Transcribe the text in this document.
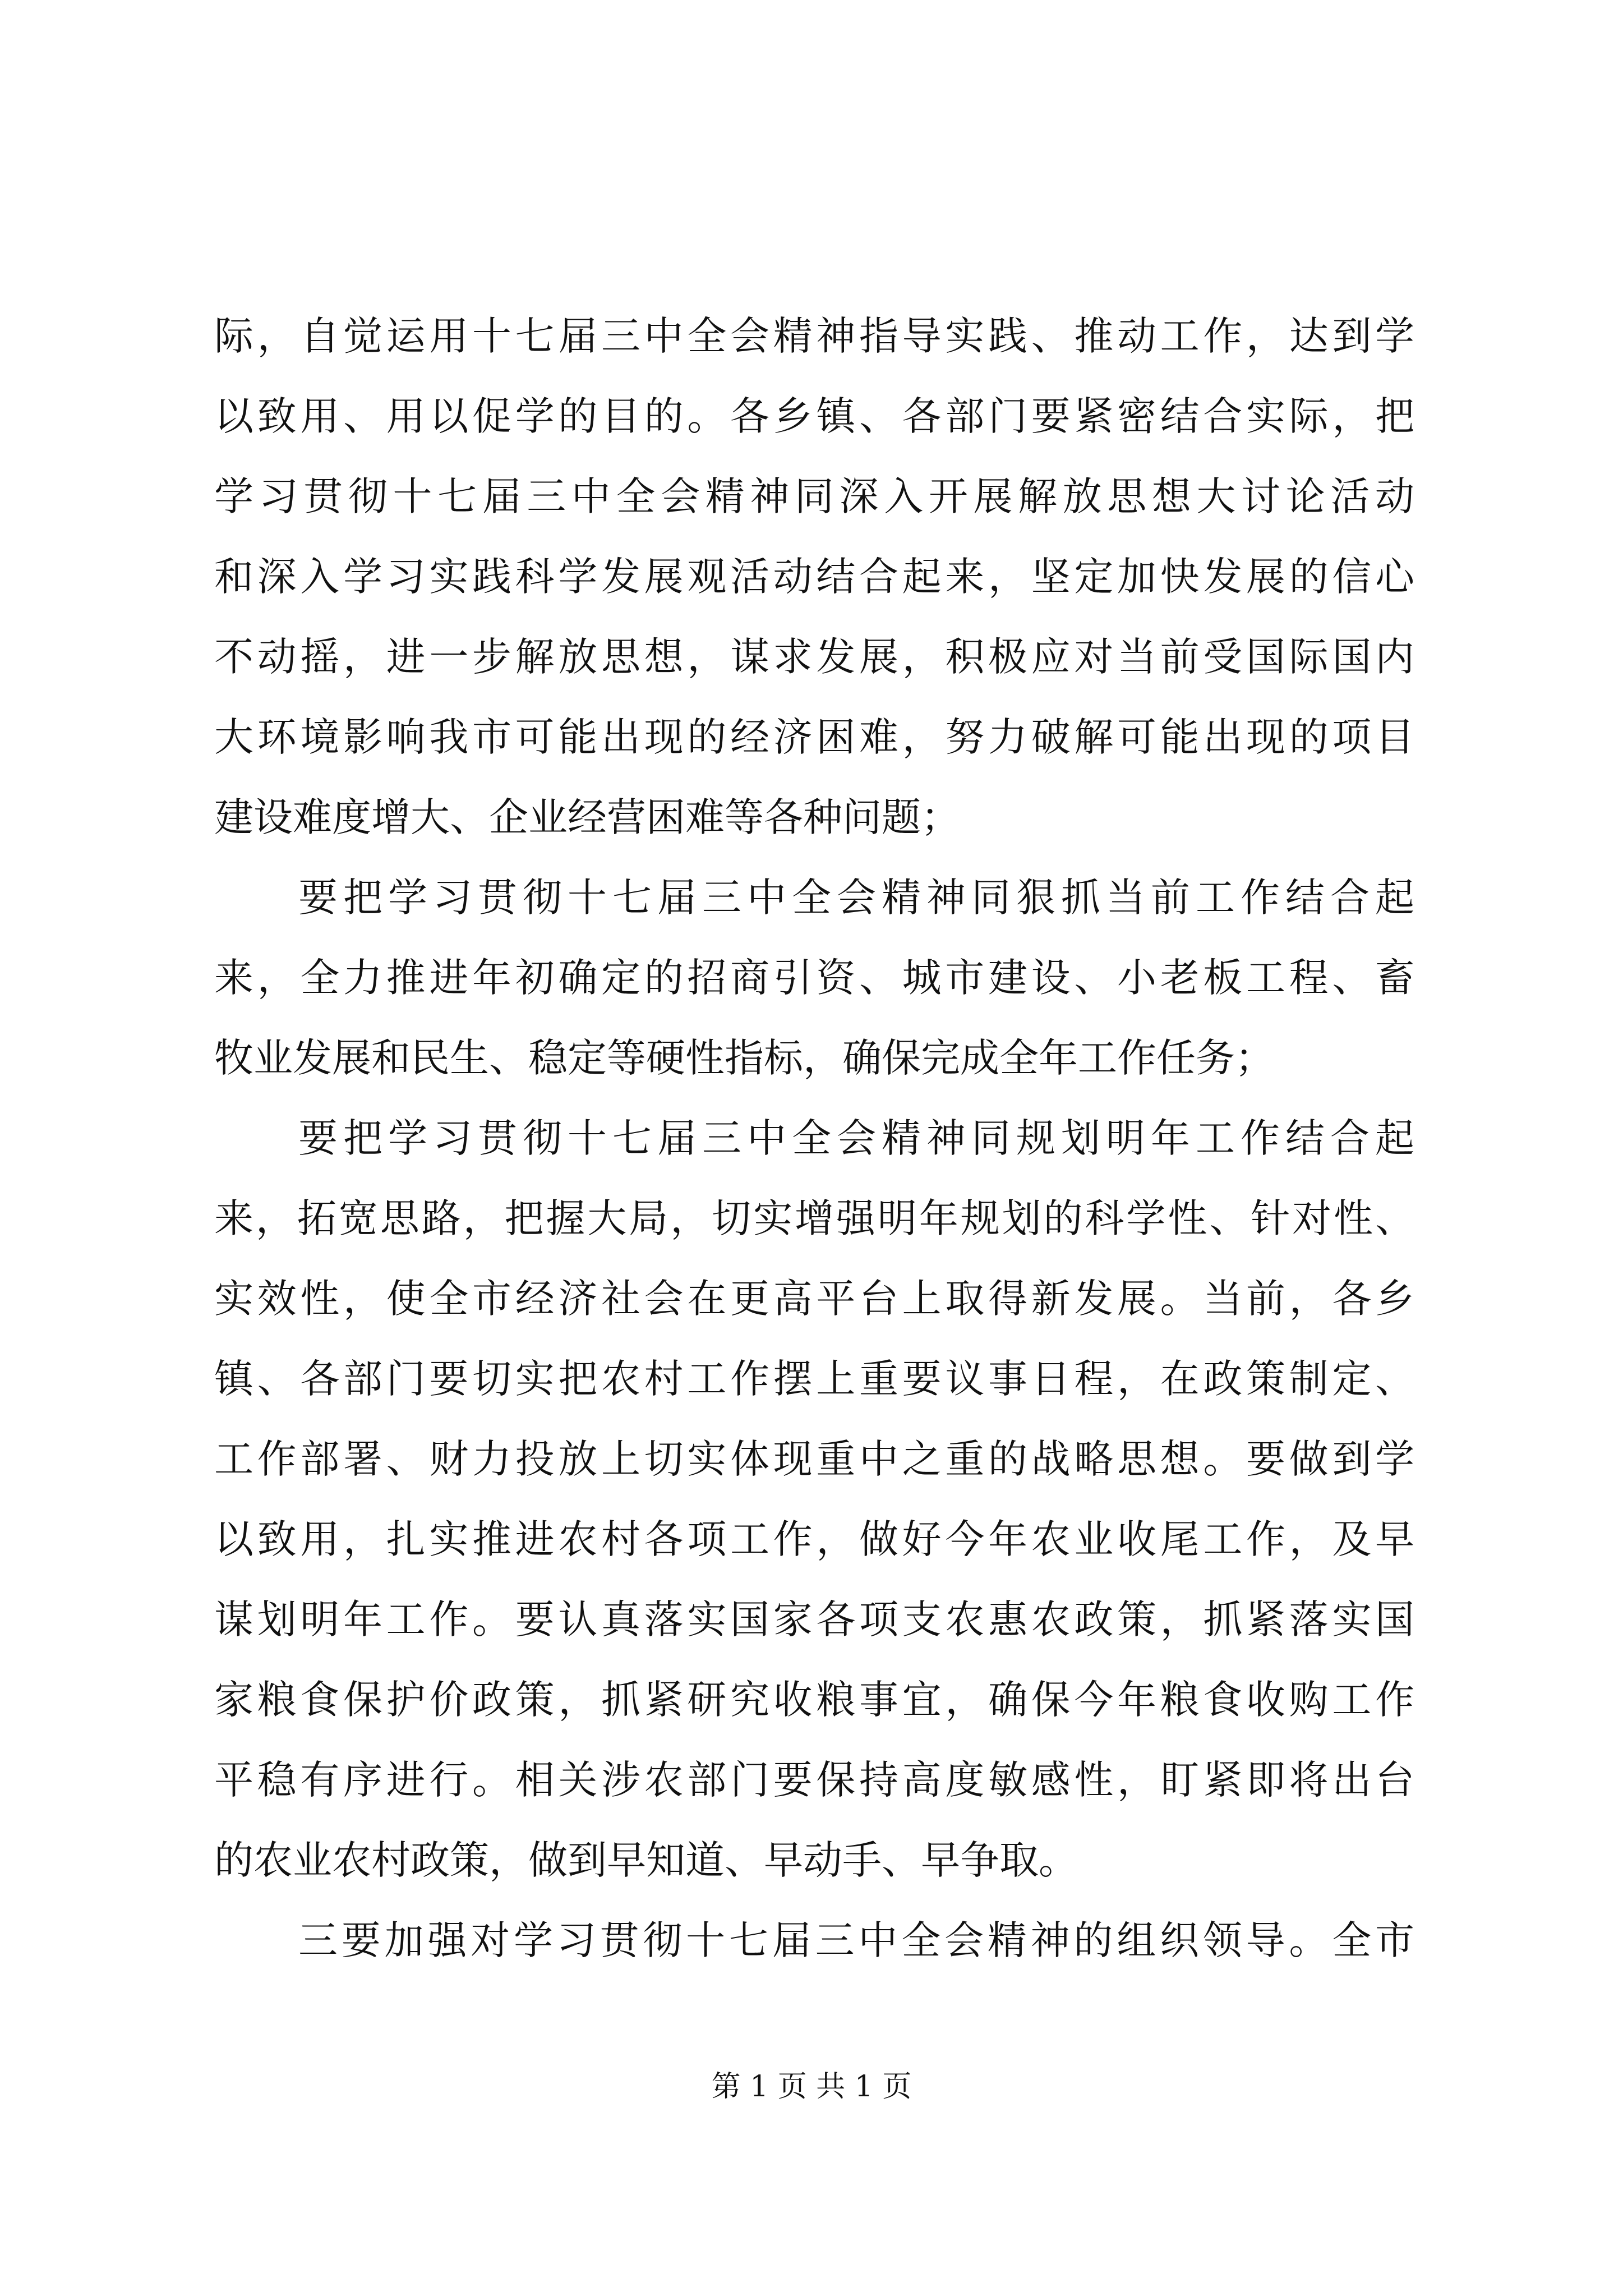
际，自觉运用十七届三中全会精神指导实践、推动工作，达到学
以致用、用以促学的目的。各乡镇、各部门要紧密结合实际，把
学习贯彻十七届三中全会精神同深入开展解放思想大讨论活动
和深入学习实践科学发展观活动结合起来，坚定加快发展的信心
不动摇，进一步解放思想，谋求发展，积极应对当前受国际国内
大环境影响我市可能出现的经济困难，努力破解可能出现的项目
建设难度增大、企业经营困难等各种问题；
要把学习贯彻十七届三中全会精神同狠抓当前工作结合起
来，全力推进年初确定的招商引资、城市建设、小老板工程、畜
牧业发展和民生、稳定等硬性指标，确保完成全年工作任务；
要把学习贯彻十七届三中全会精神同规划明年工作结合起
来，拓宽思路，把握大局，切实增强明年规划的科学性、针对性、
实效性，使全市经济社会在更高平台上取得新发展。当前，各乡
镇、各部门要切实把农村工作摆上重要议事日程，在政策制定、
工作部署、财力投放上切实体现重中之重的战略思想。要做到学
以致用，扎实推进农村各项工作，做好今年农业收尾工作，及早
谋划明年工作。要认真落实国家各项支农惠农政策，抓紧落实国
家粮食保护价政策，抓紧研究收粮事宜，确保今年粮食收购工作
平稳有序进行。相关涉农部门要保持高度敏感性，盯紧即将出台
的农业农村政策，做到早知道、早动手、早争取。
三要加强对学习贯彻十七届三中全会精神的组织领导。全市
第 1 页 共 1 页
